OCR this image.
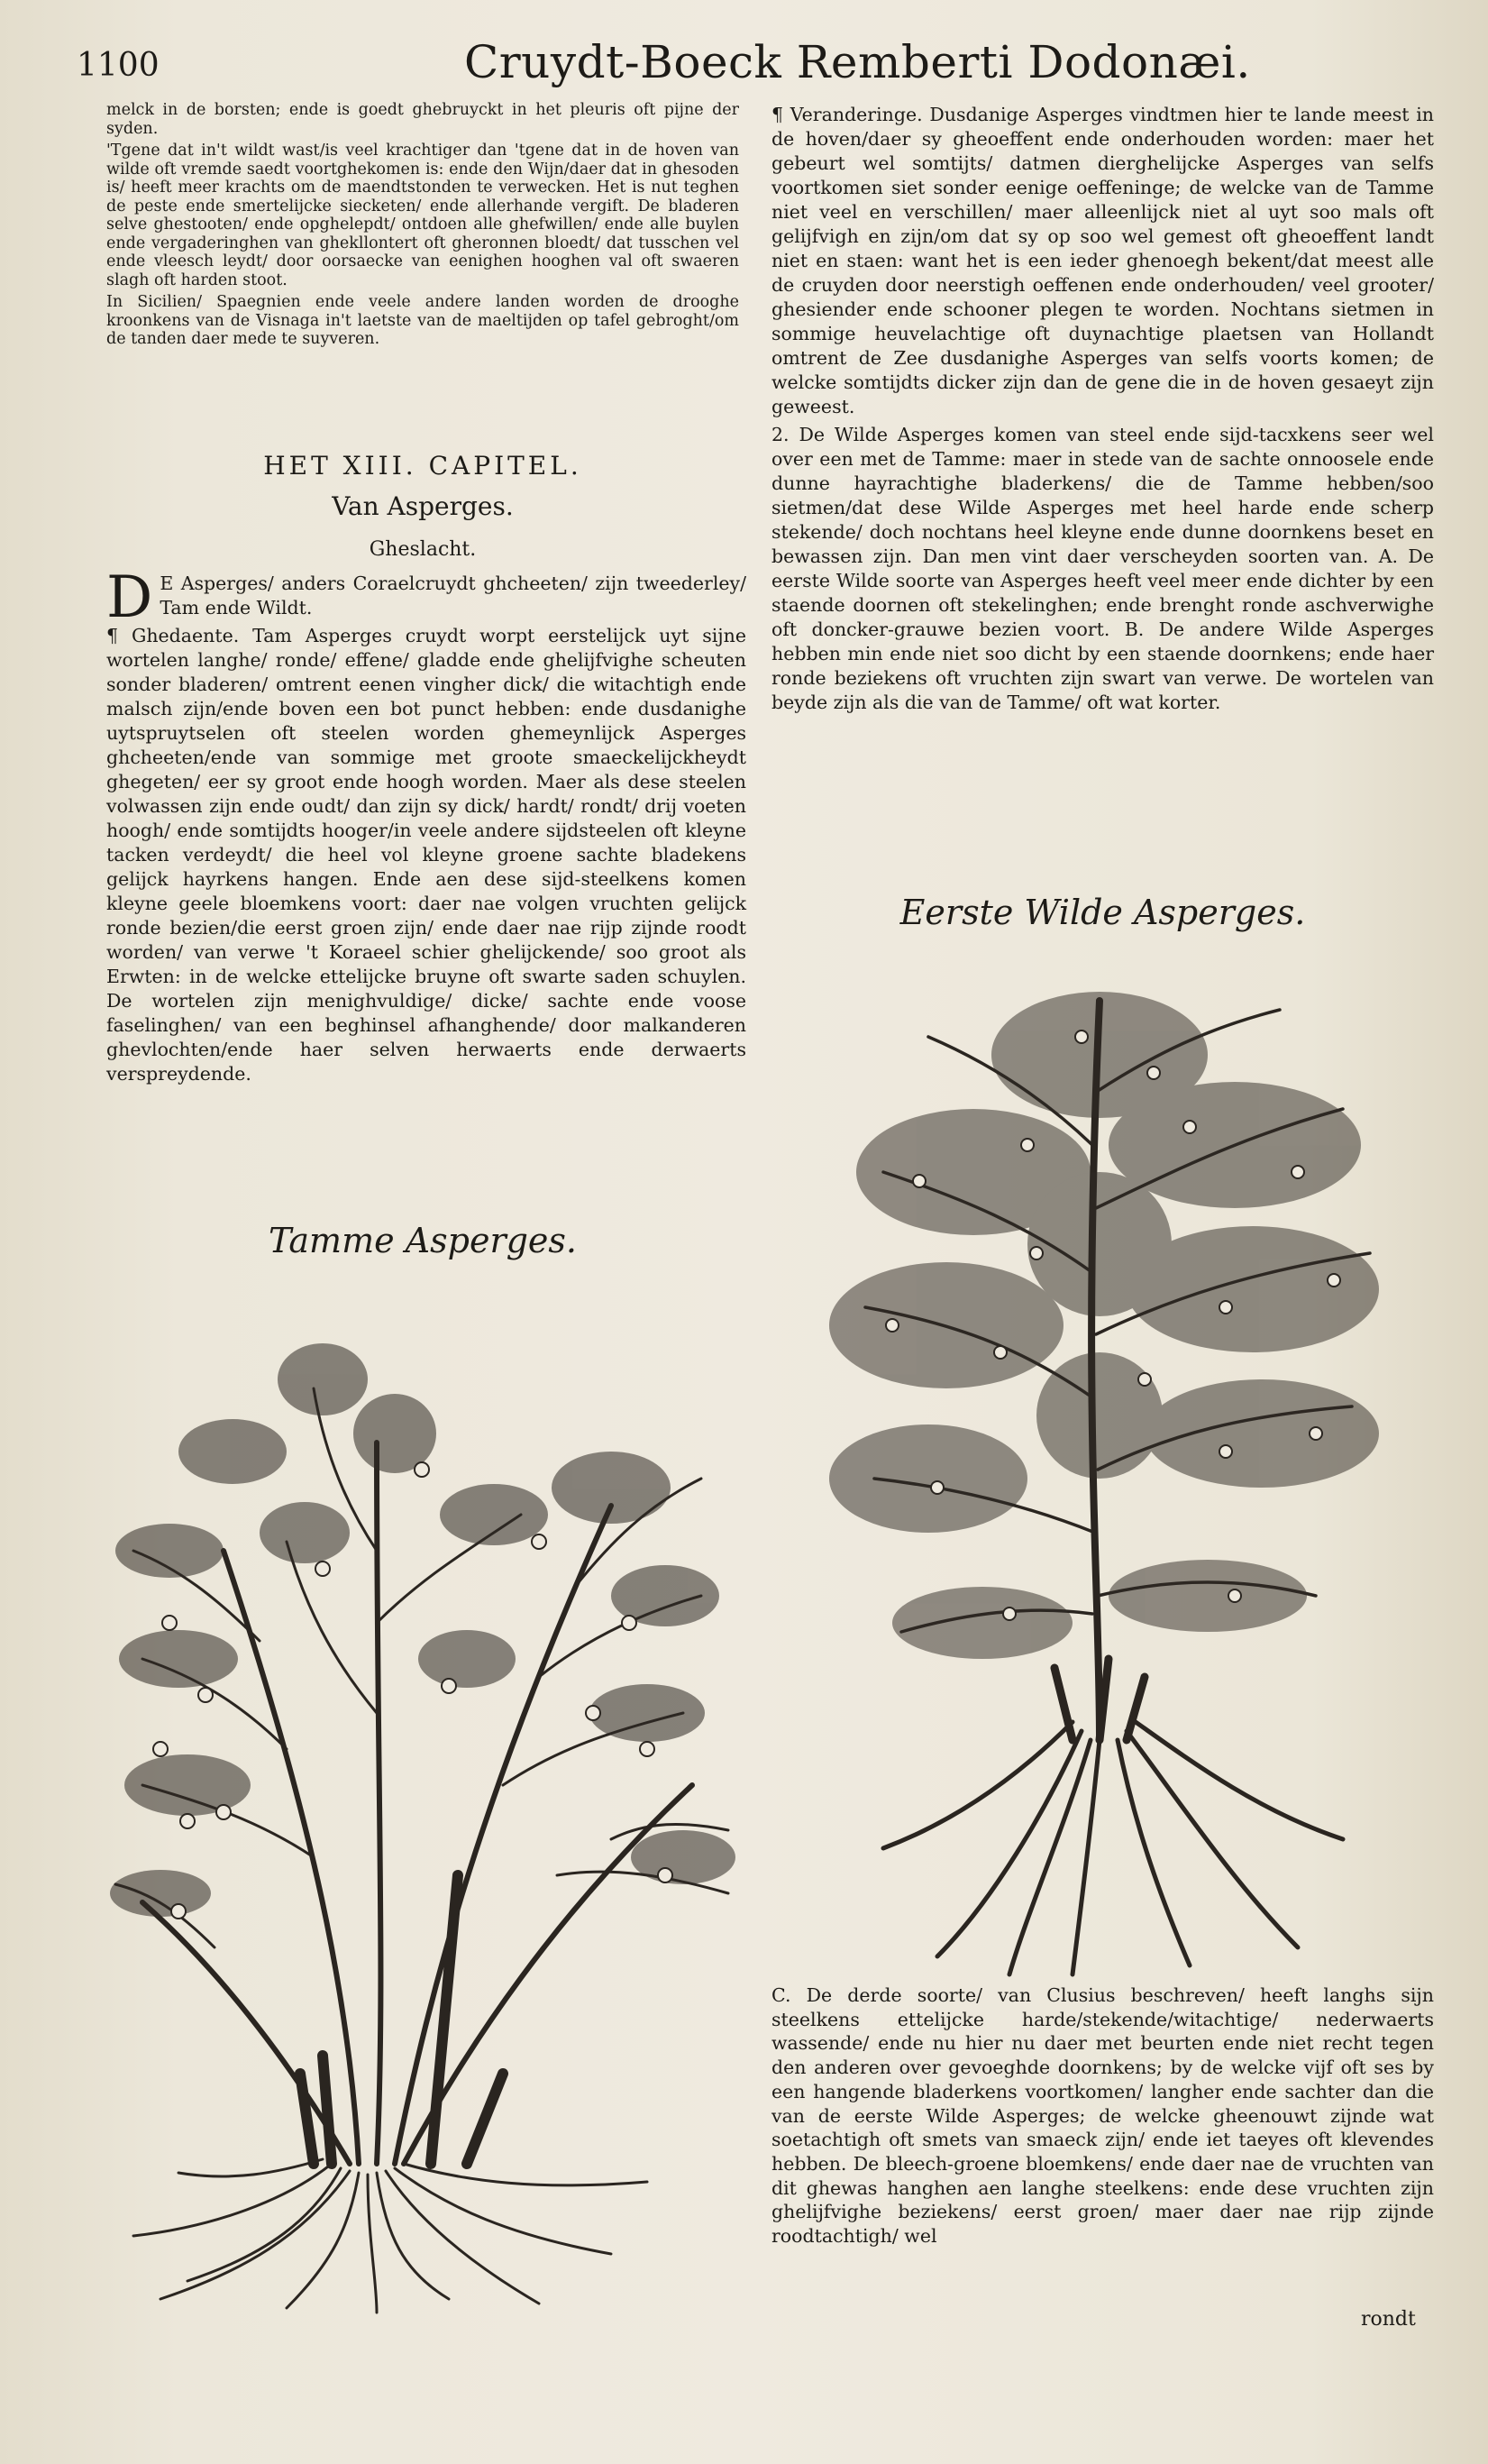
1100	Cruydt-Boeck Remberti Dodonæi.

melck in de borsten; ende is goedt ghebruyckt in het pleuris oft pijne der syden.

'Tgene dat in't wildt wast/is veel krachtiger dan 'tgene dat in de hoven van wilde oft vremde saedt voortghekomen is: ende den Wijn/daer dat in ghesoden is/ heeft meer krachts om de maendtstonden te verwecken. Het is nut teghen de peste ende smertelijcke siecketen/ ende allerhande vergift. De bladeren selve ghestooten/ ende opghelepdt/ ontdoen alle ghefwillen/ ende alle buylen ende vergaderinghen van ghekllontert oft gheronnen bloedt/ dat tusschen vel ende vleesch leydt/ door oorsaecke van eenighen hooghen val oft swaeren slagh oft harden stoot.

In Sicilien/ Spaegnien ende veele andere landen worden de drooghe kroonkens van de Visnaga in't laetste van de maeltijden op tafel gebroght/om de tanden daer mede te suyveren.

HET XIII. CAPITEL.
Van Asperges.
Gheslacht.

D E Asperges/ anders Coraelcruydt ghcheeten/ zijn tweederley/ Tam ende Wildt.

¶ Ghedaente. Tam Asperges cruydt worpt eerstelijck uyt sijne wortelen langhe/ ronde/ effene/ gladde ende ghelijfvighe scheuten sonder bladeren/ omtrent eenen vingher dick/ die witachtigh ende malsch zijn/ende boven een bot punct hebben: ende dusdanighe uytspruytselen oft steelen worden ghemeynlijck Asperges ghcheeten/ende van sommige met groote smaeckelijckheydt ghegeten/ eer sy groot ende hoogh worden. Maer als dese steelen volwassen zijn ende oudt/ dan zijn sy dick/ hardt/ rondt/ drij voeten hoogh/ ende somtijdts hooger/in veele andere sijdsteelen oft kleyne tacken verdeydt/ die heel vol kleyne groene sachte bladekens gelijck hayrkens hangen. Ende aen dese sijd-steelkens komen kleyne geele bloemkens voort: daer nae volgen vruchten gelijck ronde bezien/die eerst groen zijn/ ende daer nae rijp zijnde roodt worden/ van verwe 't Koraeel schier ghelijckende/ soo groot als Erwten: in de welcke ettelijcke bruyne oft swarte saden schuylen. De wortelen zijn menighvuldige/ dicke/ sachte ende voose faselinghen/ van een beghinsel afhanghende/ door malkanderen ghevlochten/ende haer selven herwaerts ende derwaerts verspreydende.

Tamme Asperges.

¶ Veranderinge. Dusdanige Asperges vindtmen hier te lande meest in de hoven/daer sy gheoeffent ende onderhouden worden: maer het gebeurt wel somtijts/ datmen dierghelijcke Asperges van selfs voortkomen siet sonder eenige oeffeninge; de welcke van de Tamme niet veel en verschillen/ maer alleenlijck niet al uyt soo mals oft gelijfvigh en zijn/om dat sy op soo wel gemest oft gheoeffent landt niet en staen: want het is een ieder ghenoegh bekent/dat meest alle de cruyden door neerstigh oeffenen ende onderhouden/ veel grooter/ ghesiender ende schooner plegen te worden. Nochtans sietmen in sommige heuvelachtige oft duynachtige plaetsen van Hollandt omtrent de Zee dusdanighe Asperges van selfs voorts komen; de welcke somtijdts dicker zijn dan de gene die in de hoven gesaeyt zijn geweest.

2. De Wilde Asperges komen van steel ende sijd-tacxkens seer wel over een met de Tamme: maer in stede van de sachte onnoosele ende dunne hayrachtighe bladerkens/ die de Tamme hebben/soo sietmen/dat dese Wilde Asperges met heel harde ende scherp stekende/ doch nochtans heel kleyne ende dunne doornkens beset en bewassen zijn. Dan men vint daer verscheyden soorten van. A. De eerste Wilde soorte van Asperges heeft veel meer ende dichter by een staende doornen oft stekelinghen; ende brenght ronde aschverwighe oft doncker-grauwe bezien voort. B. De andere Wilde Asperges hebben min ende niet soo dicht by een staende doornkens; ende haer ronde beziekens oft vruchten zijn swart van verwe. De wortelen van beyde zijn als die van de Tamme/ oft wat korter.

Eerste Wilde Asperges.

C. De derde soorte/ van Clusius beschreven/ heeft langhs sijn steelkens ettelijcke harde/stekende/witachtige/ nederwaerts wassende/ ende nu hier nu daer met beurten ende niet recht tegen den anderen over gevoeghde doornkens; by de welcke vijf oft ses by een hangende bladerkens voortkomen/ langher ende sachter dan die van de eerste Wilde Asperges; de welcke gheenouwt zijnde wat soetachtigh oft smets van smaeck zijn/ ende iet taeyes oft klevendes hebben. De bleech-groene bloemkens/ ende daer nae de vruchten van dit ghewas hanghen aen langhe steelkens: ende dese vruchten zijn ghelijfvighe beziekens/ eerst groen/ maer daer nae rijp zijnde roodtachtigh/ wel

rondt
